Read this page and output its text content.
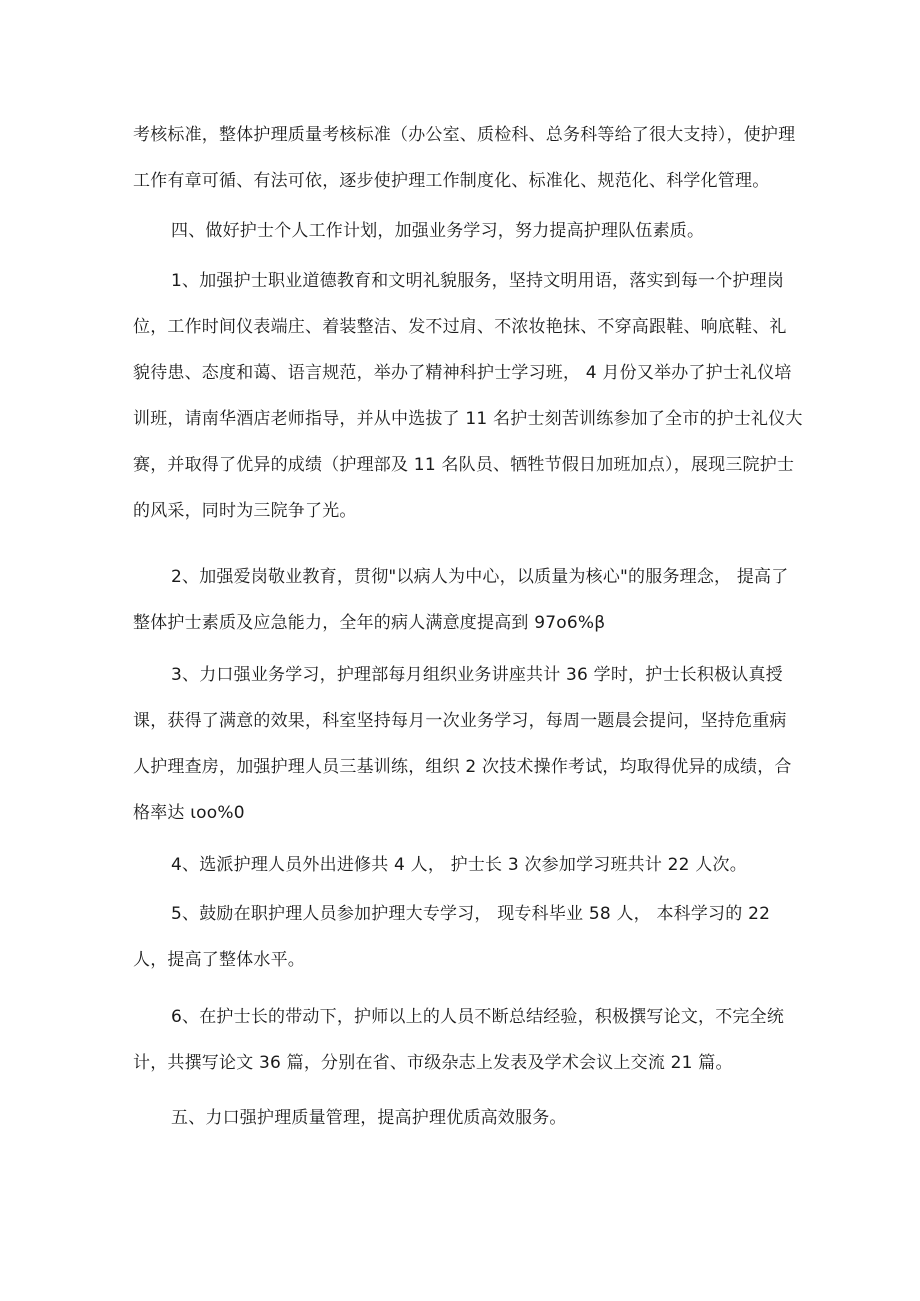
考核标准，整体护理质量考核标准（办公室、质检科、总务科等给了很大支持），使护理工作有章可循、有法可依，逐步使护理工作制度化、标准化、规范化、科学化管理。

四、做好护士个人工作计划，加强业务学习，努力提高护理队伍素质。

1、加强护士职业道德教育和文明礼貌服务，坚持文明用语，落实到每一个护理岗位，工作时间仪表端庄、着装整洁、发不过肩、不浓妆艳抹、不穿高跟鞋、响底鞋、礼貌待患、态度和蔼、语言规范，举办了精神科护士学习班， 4 月份又举办了护士礼仪培训班，请南华酒店老师指导，并从中选拔了 11 名护士刻苦训练参加了全市的护士礼仪大赛，并取得了优异的成绩（护理部及 11 名队员、牺牲节假日加班加点），展现三院护士的风采，同时为三院争了光。

2、加强爱岗敬业教育，贯彻"以病人为中心，以质量为核心"的服务理念， 提高了整体护士素质及应急能力，全年的病人满意度提高到 97o6%β

3、力口强业务学习，护理部每月组织业务讲座共计 36 学时，护士长积极认真授课，获得了满意的效果，科室坚持每月一次业务学习，每周一题晨会提问，坚持危重病人护理查房，加强护理人员三基训练，组织 2 次技术操作考试，均取得优异的成绩，合格率达 ιoo%0

4、选派护理人员外出进修共 4 人， 护士长 3 次参加学习班共计 22 人次。

5、鼓励在职护理人员参加护理大专学习， 现专科毕业 58 人， 本科学习的 22 人，提高了整体水平。

6、在护士长的带动下，护师以上的人员不断总结经验，积极撰写论文，不完全统计，共撰写论文 36 篇，分别在省、市级杂志上发表及学术会议上交流 21 篇。

五、力口强护理质量管理，提高护理优质高效服务。
